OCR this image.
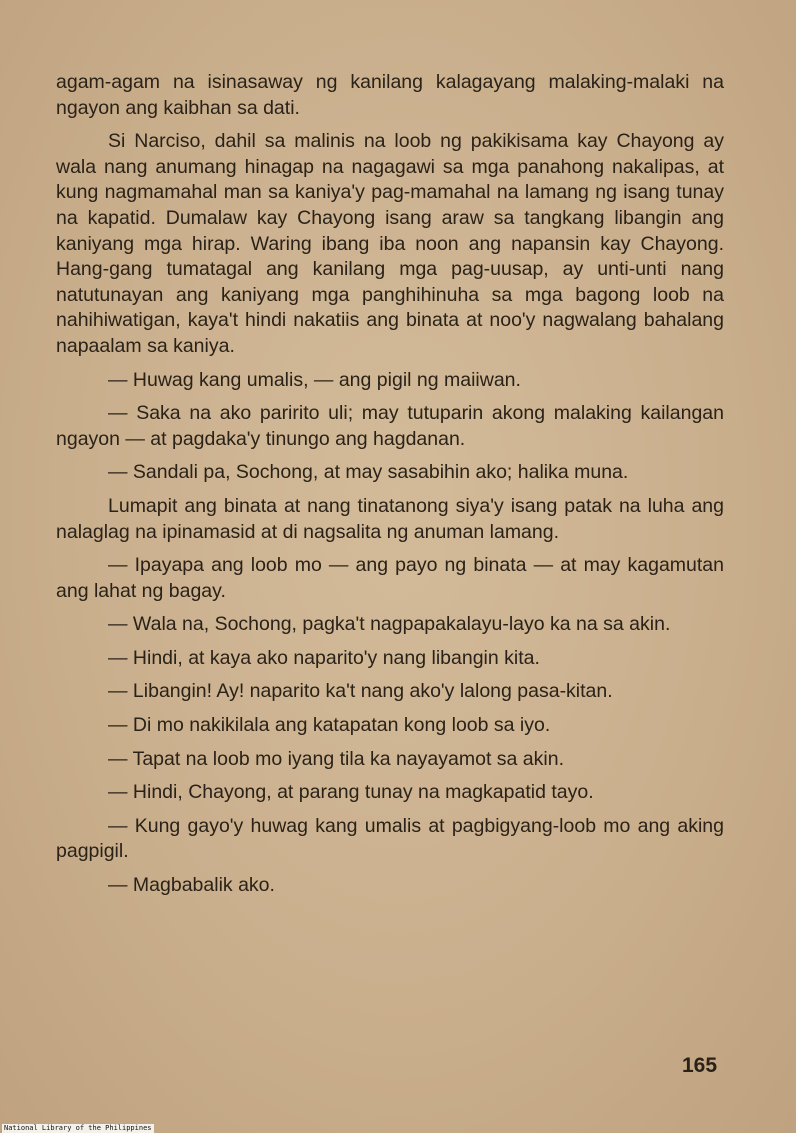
agam-agam na isinasaway ng kanilang kalagayang malaking-malaki na ngayon ang kaibhan sa dati.

Si Narciso, dahil sa malinis na loob ng pakikisama kay Chayong ay wala nang anumang hinagap na nagagawi sa mga panahong nakalipas, at kung nagmamahal man sa kaniya'y pag-mamahal na lamang ng isang tunay na kapatid. Dumalaw kay Chayong isang araw sa tangkang libangin ang kaniyang mga hirap. Waring ibang iba noon ang napansin kay Chayong. Hang-gang tumatagal ang kanilang mga pag-uusap, ay unti-unti nang natutunayan ang kaniyang mga panghihinuha sa mga bagong loob na nahihiwatigan, kaya't hindi nakatiis ang binata at noo'y nagwalang bahalang napaalam sa kaniya.

— Huwag kang umalis, — ang pigil ng maiiwan.

— Saka na ako paririto uli; may tutuparin akong malaking kailangan ngayon — at pagdaka'y tinungo ang hagdanan.

— Sandali pa, Sochong, at may sasabihin ako; halika muna.

Lumapit ang binata at nang tinatanong siya'y isang patak na luha ang nalaglag na ipinamasid at di nagsalita ng anuman lamang.

— Ipayapa ang loob mo — ang payo ng binata — at may kagamutan ang lahat ng bagay.

— Wala na, Sochong, pagka't nagpapakalayu-layo ka na sa akin.

— Hindi, at kaya ako naparito'y nang libangin kita.

— Libangin! Ay! naparito ka't nang ako'y lalong pasa-kitan.

— Di mo nakikilala ang katapatan kong loob sa iyo.

— Tapat na loob mo iyang tila ka nayayamot sa akin.

— Hindi, Chayong, at parang tunay na magkapatid tayo.

— Kung gayo'y huwag kang umalis at pagbigyang-loob mo ang aking pagpigil.

— Magbabalik ako.

165
National Library of the Philippines
